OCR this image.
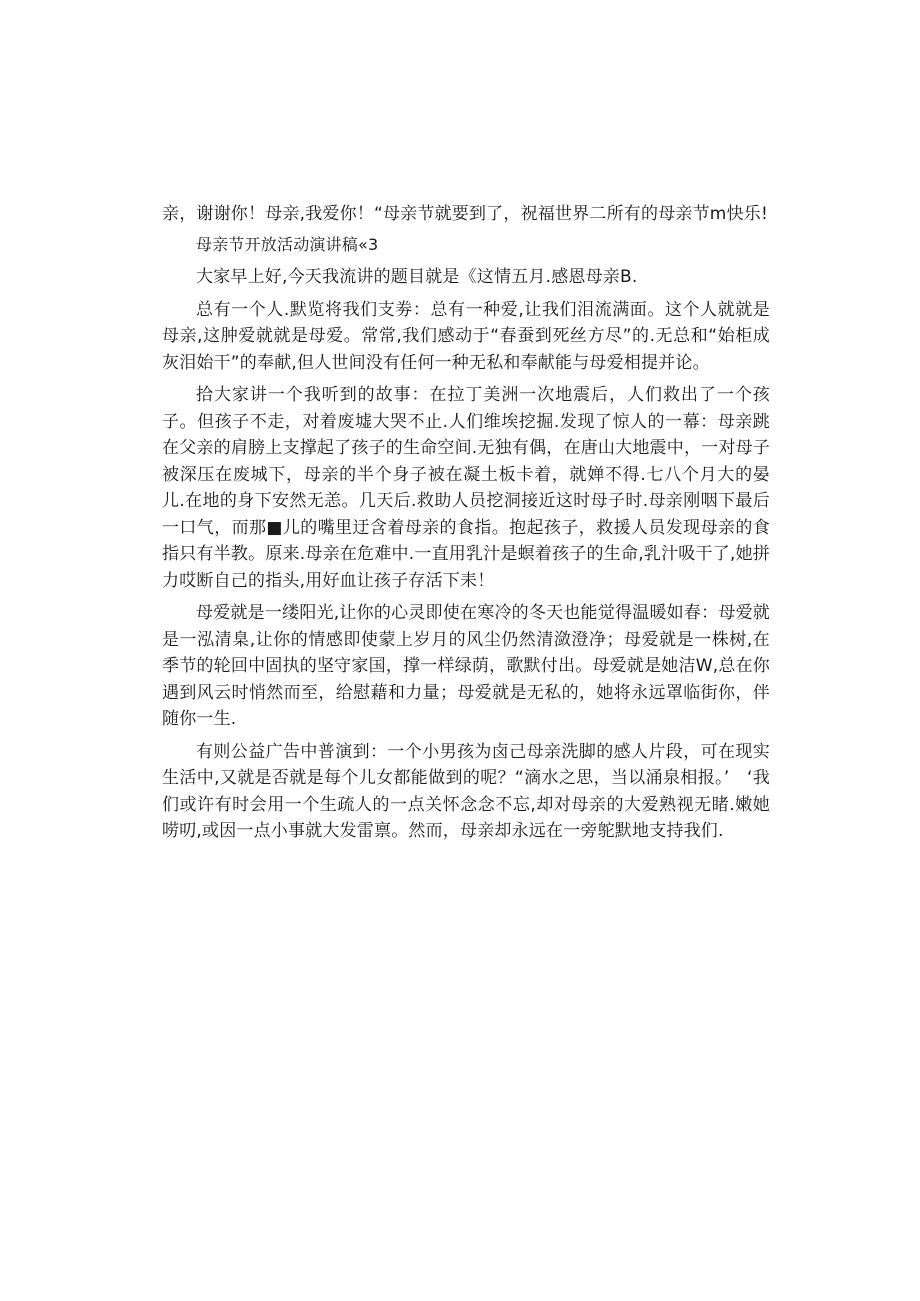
亲，谢谢你！母亲,我爱你！“母亲节就要到了，祝福世界二所有的母亲节m快乐!

母亲节开放活动演讲稿«3

大家早上好,今天我流讲的题目就是《这情五月.感恩母亲B.

总有一个人.默览将我们支劵：总有一种爱,让我们泪流满面。这个人就就是母亲,这肿爱就就是母爱。常常,我们感动于“春蚕到死丝方尽”的.无总和“始柜成灰泪始干”的奉献,但人世间没有任何一种无私和奉献能与母爱相提并论。

拾大家讲一个我听到的故事：在拉丁美洲一次地震后，人们救出了一个孩子。但孩子不走，对着废墟大哭不止.人们维埃挖掘.发现了惊人的一幕：母亲跳在父亲的肩膀上支撑起了孩子的生命空间.无独有偶，在唐山大地震中，一对母子被深压在废城下，母亲的半个身子被在凝土板卡着，就婵不得.七八个月大的晏儿.在地的身下安然无恙。几天后.救助人员挖洞接近这时母子时.母亲刚咽下最后一口气，而那■儿的嘴里迂含着母亲的食指。抱起孩子，救援人员发现母亲的食指只有半教。原来.母亲在危难中.一直用乳汁是螟着孩子的生命,乳汁吸干了,她拼力哎断自己的指头,用好血让孩子存活下耒！

母爱就是一缕阳光,让你的心灵即使在寒冷的冬天也能觉得温暖如春：母爱就是一泓清臬,让你的情感即使蒙上岁月的风尘仍然清潋澄净；母爱就是一株树,在季节的轮回中固执的坚守家国，撑一样绿荫，歌默付出。母爱就是她洁W,总在你遇到风云时悄然而至，给慰藉和力量；母爱就是无私的，她将永远罩临街你，伴随你一生.

有则公益广告中普演到：一个小男孩为卤己母亲洗脚的感人片段，可在现实生活中,又就是否就是每个儿女都能做到的呢？“滴水之思，当以涌泉相报。’　‘我们或许有时会用一个生疏人的一点关怀念念不忘,却对母亲的大爱熟视无睹.嫩她唠叨,或因一点小事就大发雷禀。然而，母亲却永远在一旁鸵默地支持我们.
